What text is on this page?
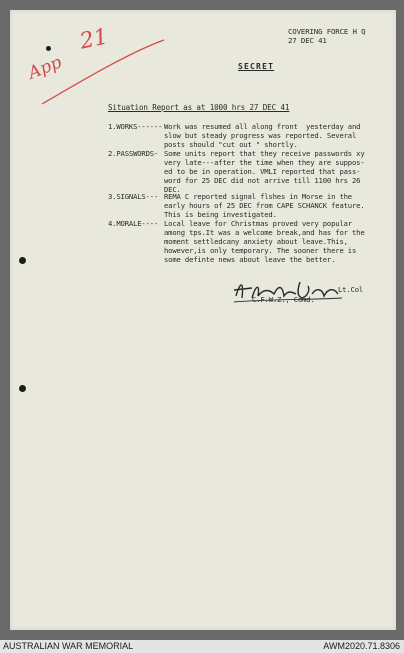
App
21	COVERING FORCE H Q
27 DEC 41
SECRET
Situation Report as at 1000 hrs 27 DEC 41
1.WORKS------ Work was resumed all along front  yesterday and
slow but steady progress was reported. Several
posts should "cut out " shortly.
2.PASSWORDS- Some units report that they receive passwords xy
very late---after the time when they are suppos-
ed to be in operation. VMLI reported that pass-
word for 25 DEC did not arrive till 1100 hrs 26
DEC.
3.SIGNALS--- REMA C reported signal flshes in Morse in the
early hours of 25 DEC from CAPE SCHANCK feature.
This is being investigated.
4.MORALE---- Local leave for Christmas proved very popular
among tps.It was a welcome break,and has for the
moment settledcany anxiety about leave.This,
however,is only temporary. The sooner there is
some definte news about leave the better.
Lt.Col
C.F.W.Z., Comd.
AUSTRALIAN WAR MEMORIAL	AWM2020.71.8306
